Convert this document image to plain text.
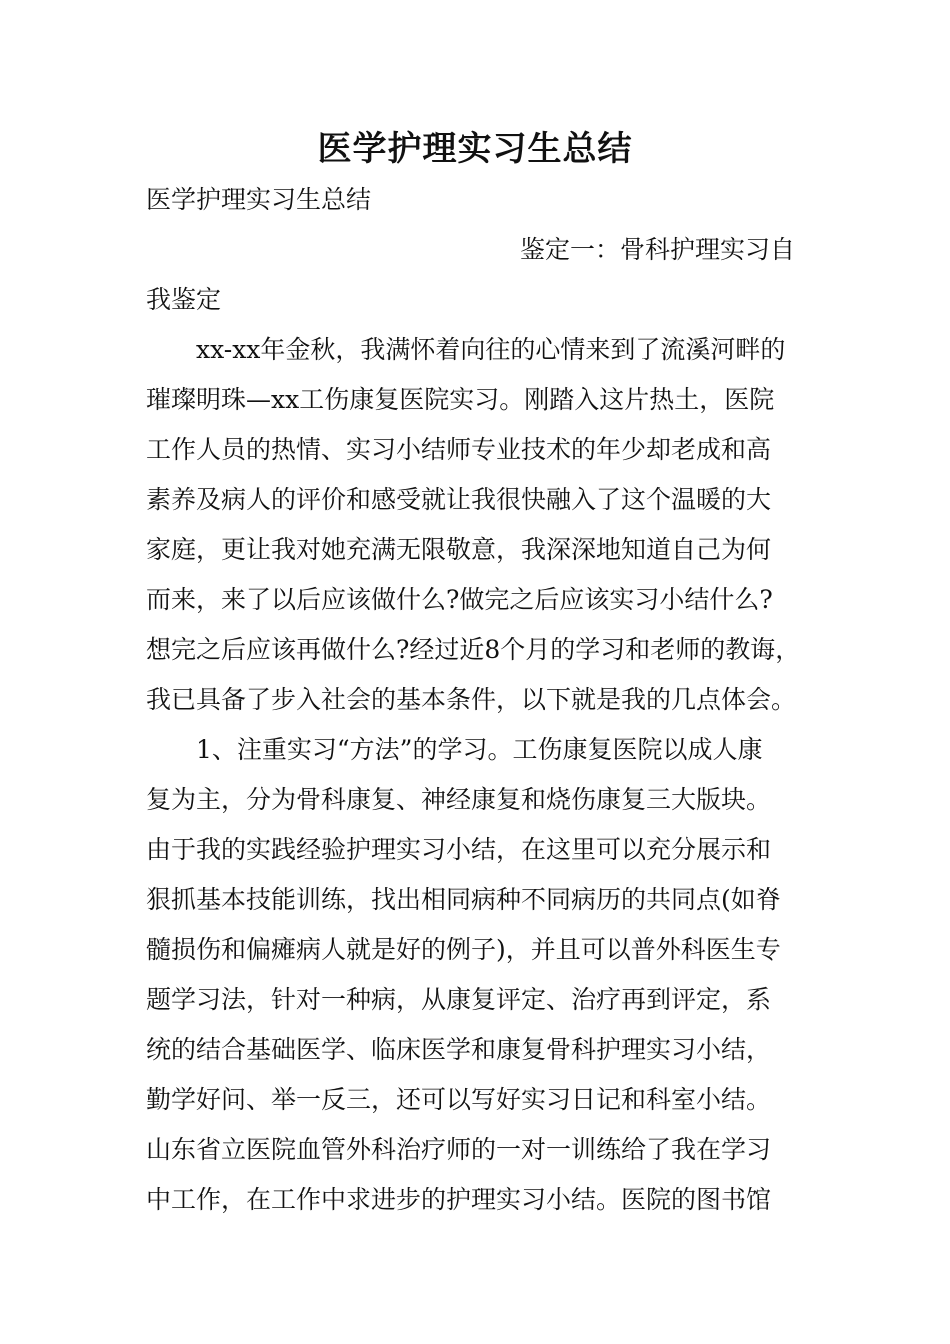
医学护理实习生总结
医学护理实习生总结
鉴定一：骨科护理实习自
我鉴定
xx-xx年金秋，我满怀着向往的心情来到了流溪河畔的
璀璨明珠—xx工伤康复医院实习。刚踏入这片热土，医院
工作人员的热情、实习小结师专业技术的年少却老成和高
素养及病人的评价和感受就让我很快融入了这个温暖的大
家庭，更让我对她充满无限敬意，我深深地知道自己为何
而来，来了以后应该做什么?做完之后应该实习小结什么?
想完之后应该再做什么?经过近8个月的学习和老师的教诲，
我已具备了步入社会的基本条件，以下就是我的几点体会。
1、注重实习“方法”的学习。工伤康复医院以成人康
复为主，分为骨科康复、神经康复和烧伤康复三大版块。
由于我的实践经验护理实习小结，在这里可以充分展示和
狠抓基本技能训练，找出相同病种不同病历的共同点(如脊
髓损伤和偏瘫病人就是好的例子)，并且可以普外科医生专
题学习法，针对一种病，从康复评定、治疗再到评定，系
统的结合基础医学、临床医学和康复骨科护理实习小结，
勤学好问、举一反三，还可以写好实习日记和科室小结。
山东省立医院血管外科治疗师的一对一训练给了我在学习
中工作，在工作中求进步的护理实习小结。医院的图书馆
